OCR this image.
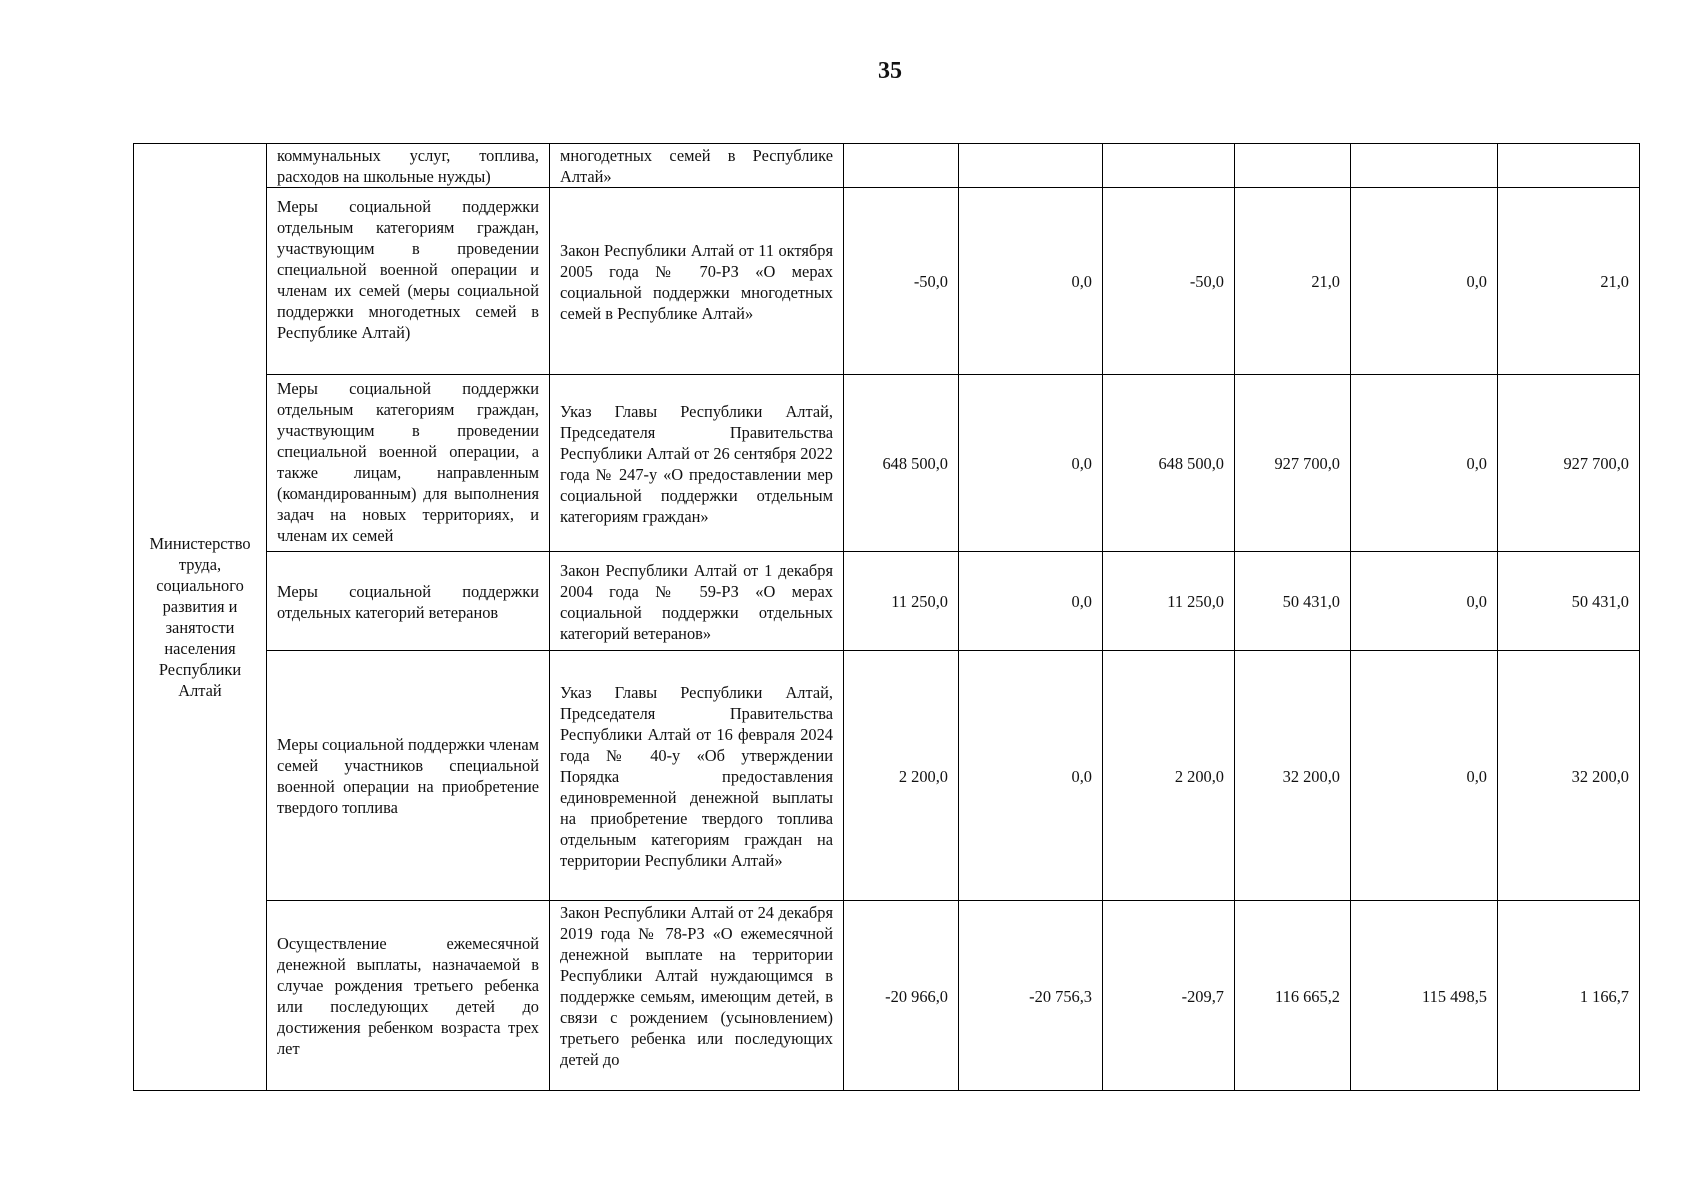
35
Министерство труда, социального развития и занятости населения Республики Алтай	коммунальных услуг, топлива, расходов на школьные нужды)	многодетных семей в Республике Алтай»						
	Меры социальной поддержки отдельным категориям граждан, участвующим в проведении специальной военной операции и членам их семей (меры социальной поддержки многодетных семей в Республике Алтай)	Закон Республики Алтай от 11 октября 2005 года № 70-РЗ «О мерах социальной поддержки многодетных семей в Республике Алтай»	-50,0	0,0	-50,0	21,0	0,0	21,0
	Меры социальной поддержки отдельным категориям граждан, участвующим в проведении специальной военной операции, а также лицам, направленным (командированным) для выполнения задач на новых территориях, и членам их семей	Указ Главы Республики Алтай, Председателя Правительства Республики Алтай от 26 сентября 2022 года № 247-у «О предоставлении мер социальной поддержки отдельным категориям граждан»	648 500,0	0,0	648 500,0	927 700,0	0,0	927 700,0
	Меры социальной поддержки отдельных категорий ветеранов	Закон Республики Алтай от 1 декабря 2004 года № 59-РЗ «О мерах социальной поддержки отдельных категорий ветеранов»	11 250,0	0,0	11 250,0	50 431,0	0,0	50 431,0
	Меры социальной поддержки членам семей участников специальной военной операции на приобретение твердого топлива	Указ Главы Республики Алтай, Председателя Правительства Республики Алтай от 16 февраля 2024 года № 40-у «Об утверждении Порядка предоставления единовременной денежной выплаты на приобретение твердого топлива отдельным категориям граждан на территории Республики Алтай»	2 200,0	0,0	2 200,0	32 200,0	0,0	32 200,0
	Осуществление ежемесячной денежной выплаты, назначаемой в случае рождения третьего ребенка или последующих детей до достижения ребенком возраста трех лет	Закон Республики Алтай от 24 декабря 2019 года № 78-РЗ «О ежемесячной денежной выплате на территории Республики Алтай нуждающимся в поддержке семьям, имеющим детей, в связи с рождением (усыновлением) третьего ребенка или последующих детей до	-20 966,0	-20 756,3	-209,7	116 665,2	115 498,5	1 166,7
